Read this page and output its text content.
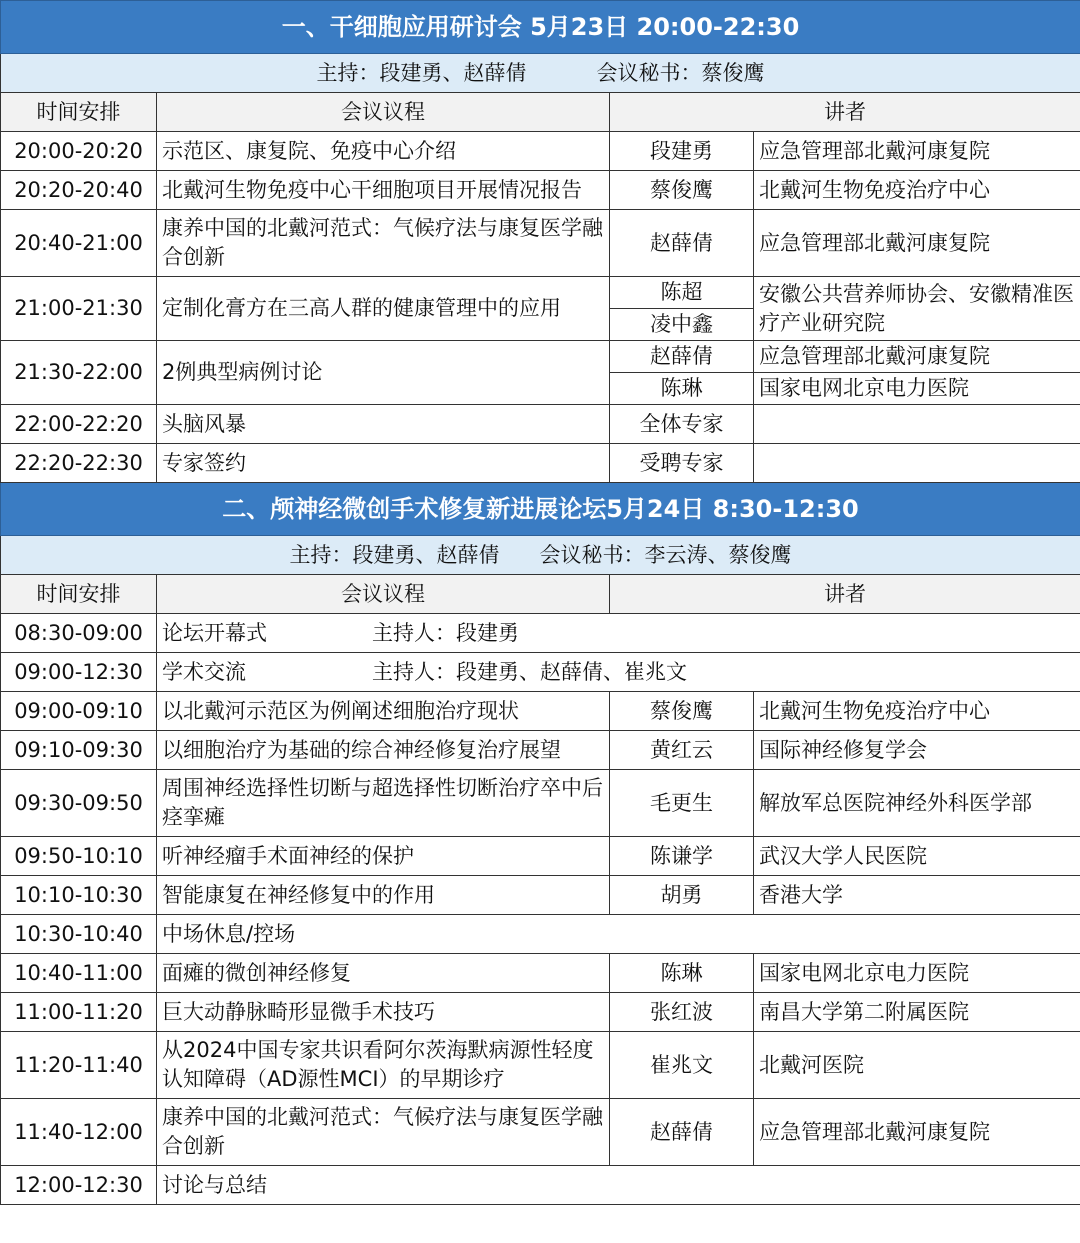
一、干细胞应用研讨会 5月23日 20:00-22:30			
主持：段建勇、赵薛倩 会议秘书：蔡俊鹰			
时间安排	会议议程	讲者	
20:00-20:20	示范区、康复院、免疫中心介绍	段建勇	应急管理部北戴河康复院
20:20-20:40	北戴河生物免疫中心干细胞项目开展情况报告	蔡俊鹰	北戴河生物免疫治疗中心
20:40-21:00	康养中国的北戴河范式：气候疗法与康复医学融合创新	赵薛倩	应急管理部北戴河康复院
21:00-21:30	定制化膏方在三高人群的健康管理中的应用	陈超	安徽公共营养师协会、安徽精准医疗产业研究院
		凌中鑫	
21:30-22:00	2例典型病例讨论	赵薛倩	应急管理部北戴河康复院
		陈琳	国家电网北京电力医院
22:00-22:20	头脑风暴	全体专家	
22:20-22:30	专家签约	受聘专家	
二、颅神经微创手术修复新进展论坛5月24日 8:30-12:30			
主持：段建勇、赵薛倩 会议秘书：李云涛、蔡俊鹰			
时间安排	会议议程	讲者	
08:30-09:00	论坛开幕式 主持人：段建勇		
09:00-12:30	学术交流 主持人：段建勇、赵薛倩、崔兆文		
09:00-09:10	以北戴河示范区为例阐述细胞治疗现状	蔡俊鹰	北戴河生物免疫治疗中心
09:10-09:30	以细胞治疗为基础的综合神经修复治疗展望	黄红云	国际神经修复学会
09:30-09:50	周围神经选择性切断与超选择性切断治疗卒中后痉挛瘫	毛更生	解放军总医院神经外科医学部
09:50-10:10	听神经瘤手术面神经的保护	陈谦学	武汉大学人民医院
10:10-10:30	智能康复在神经修复中的作用	胡勇	香港大学
10:30-10:40	中场休息/控场		
10:40-11:00	面瘫的微创神经修复	陈琳	国家电网北京电力医院
11:00-11:20	巨大动静脉畸形显微手术技巧	张红波	南昌大学第二附属医院
11:20-11:40	从2024中国专家共识看阿尔茨海默病源性轻度认知障碍（AD源性MCI）的早期诊疗	崔兆文	北戴河医院
11:40-12:00	康养中国的北戴河范式：气候疗法与康复医学融合创新	赵薛倩	应急管理部北戴河康复院
12:00-12:30	讨论与总结		
